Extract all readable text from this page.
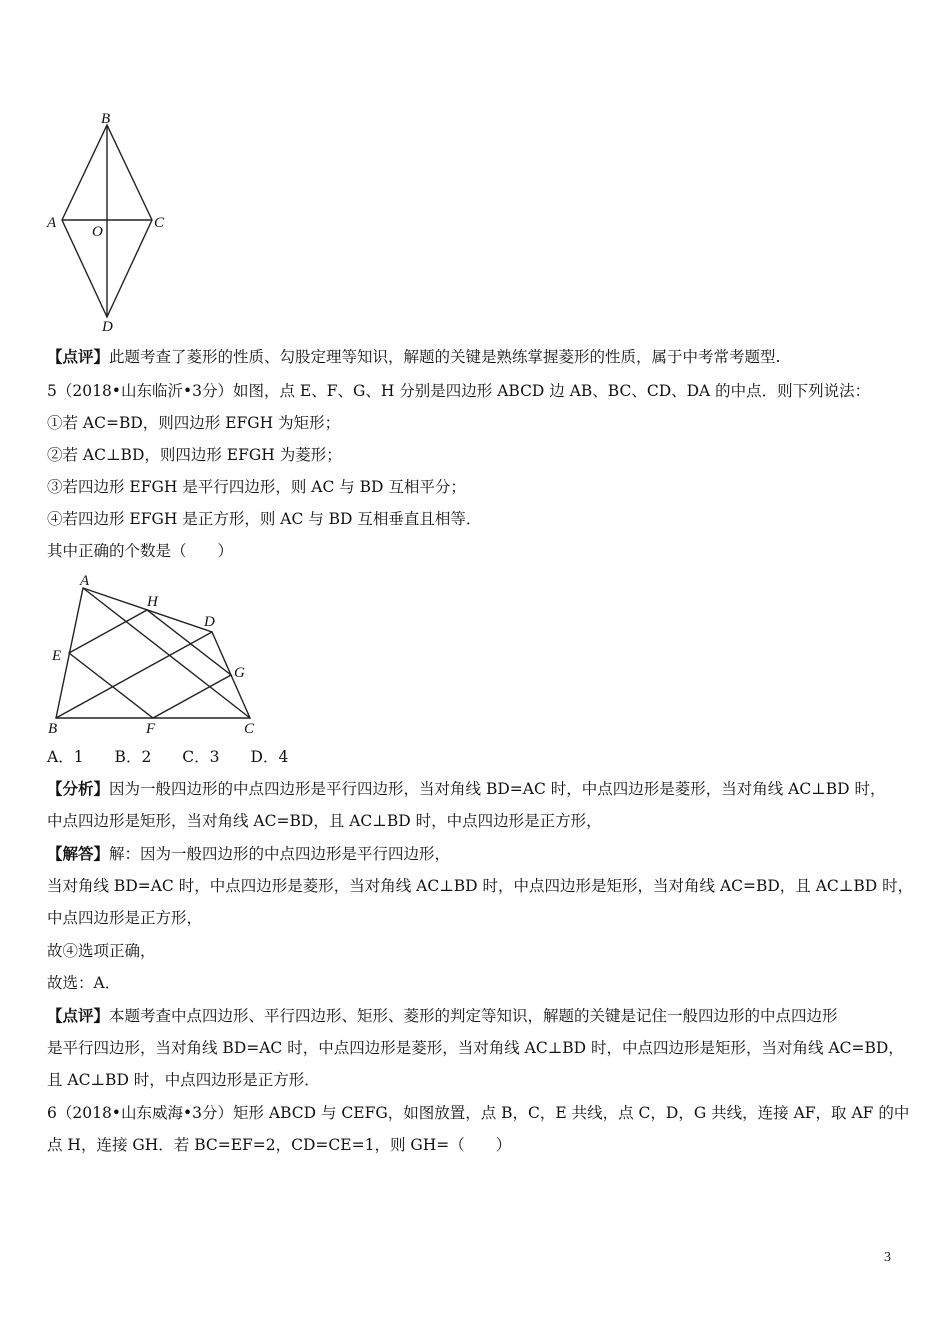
B
A	C
O
D
【点评】此题考查了菱形的性质、勾股定理等知识，解题的关键是熟练掌握菱形的性质，属于中考常考题型.
5（2018•山东临沂•3分）如图，点 E、F、G、H 分别是四边形 ABCD 边 AB、BC、CD、DA 的中点．则下列说法：
①若 AC=BD，则四边形 EFGH 为矩形；
②若 AC⊥BD，则四边形 EFGH 为菱形；
③若四边形 EFGH 是平行四边形，则 AC 与 BD 互相平分；
④若四边形 EFGH 是正方形，则 AC 与 BD 互相垂直且相等．
其中正确的个数是（　　）
A
H
D
E
G
B	F	C
A．1　　B．2　　C．3　　D．4
【分析】因为一般四边形的中点四边形是平行四边形，当对角线 BD=AC 时，中点四边形是菱形，当对角线 AC⊥BD 时，
中点四边形是矩形，当对角线 AC=BD，且 AC⊥BD 时，中点四边形是正方形，
【解答】解：因为一般四边形的中点四边形是平行四边形，
当对角线 BD=AC 时，中点四边形是菱形，当对角线 AC⊥BD 时，中点四边形是矩形，当对角线 AC=BD，且 AC⊥BD 时，
中点四边形是正方形，
故④选项正确，
故选：A．
【点评】本题考查中点四边形、平行四边形、矩形、菱形的判定等知识，解题的关键是记住一般四边形的中点四边形
是平行四边形，当对角线 BD=AC 时，中点四边形是菱形，当对角线 AC⊥BD 时，中点四边形是矩形，当对角线 AC=BD，
且 AC⊥BD 时，中点四边形是正方形．
6（2018•山东威海•3分）矩形 ABCD 与 CEFG，如图放置，点 B，C，E 共线，点 C，D，G 共线，连接 AF，取 AF 的中
点 H，连接 GH．若 BC=EF=2，CD=CE=1，则 GH=（　　）
3
